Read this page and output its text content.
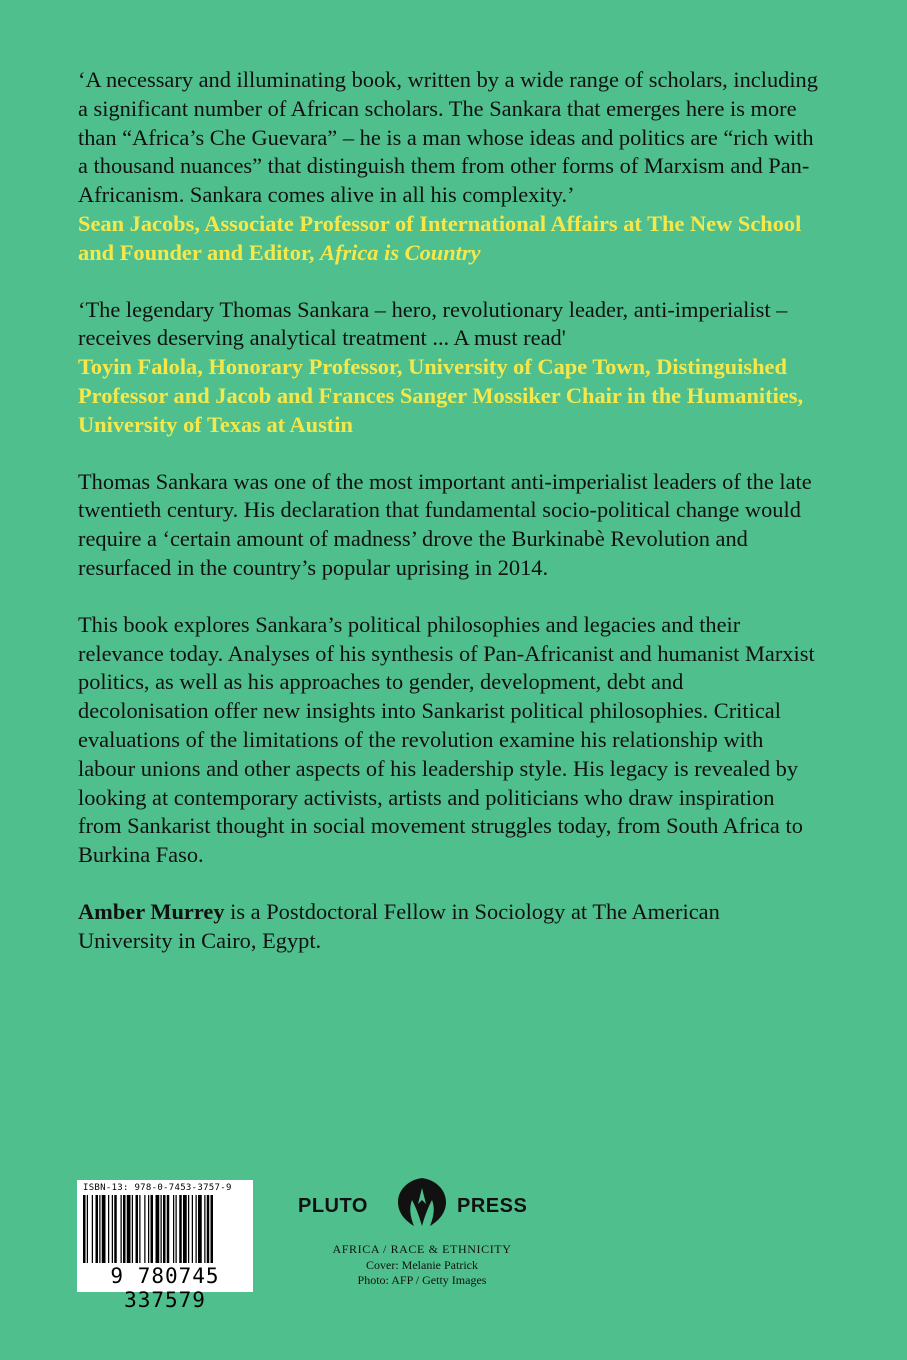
‘A necessary and illuminating book, written by a wide range of scholars, including a significant number of African scholars. The Sankara that emerges here is more than “Africa’s Che Guevara” – he is a man whose ideas and politics are “rich with a thousand nuances” that distinguish them from other forms of Marxism and Pan-Africanism. Sankara comes alive in all his complexity.’

Sean Jacobs, Associate Professor of International Affairs at The New School and Founder and Editor, Africa is Country

‘The legendary Thomas Sankara – hero, revolutionary leader, anti-imperialist – receives deserving analytical treatment ... A must read'

Toyin Falola, Honorary Professor, University of Cape Town, Distinguished Professor and Jacob and Frances Sanger Mossiker Chair in the Humanities, University of Texas at Austin

Thomas Sankara was one of the most important anti-imperialist leaders of the late twentieth century. His declaration that fundamental socio-political change would require a ‘certain amount of madness’ drove the Burkinabè Revolution and resurfaced in the country’s popular uprising in 2014.

This book explores Sankara’s political philosophies and legacies and their relevance today. Analyses of his synthesis of Pan-Africanist and humanist Marxist politics, as well as his approaches to gender, development, debt and decolonisation offer new insights into Sankarist political philosophies. Critical evaluations of the limitations of the revolution examine his relationship with labour unions and other aspects of his leadership style. His legacy is revealed by looking at contemporary activists, artists and politicians who draw inspiration from Sankarist thought in social movement struggles today, from South Africa to Burkina Faso.

Amber Murrey is a Postdoctoral Fellow in Sociology at The American University in Cairo, Egypt.

ISBN-13: 978-0-7453-3757-9
9 780745 337579
PLUTO	PRESS
AFRICA / RACE & ETHNICITY
Cover: Melanie Patrick
Photo: AFP / Getty Images
